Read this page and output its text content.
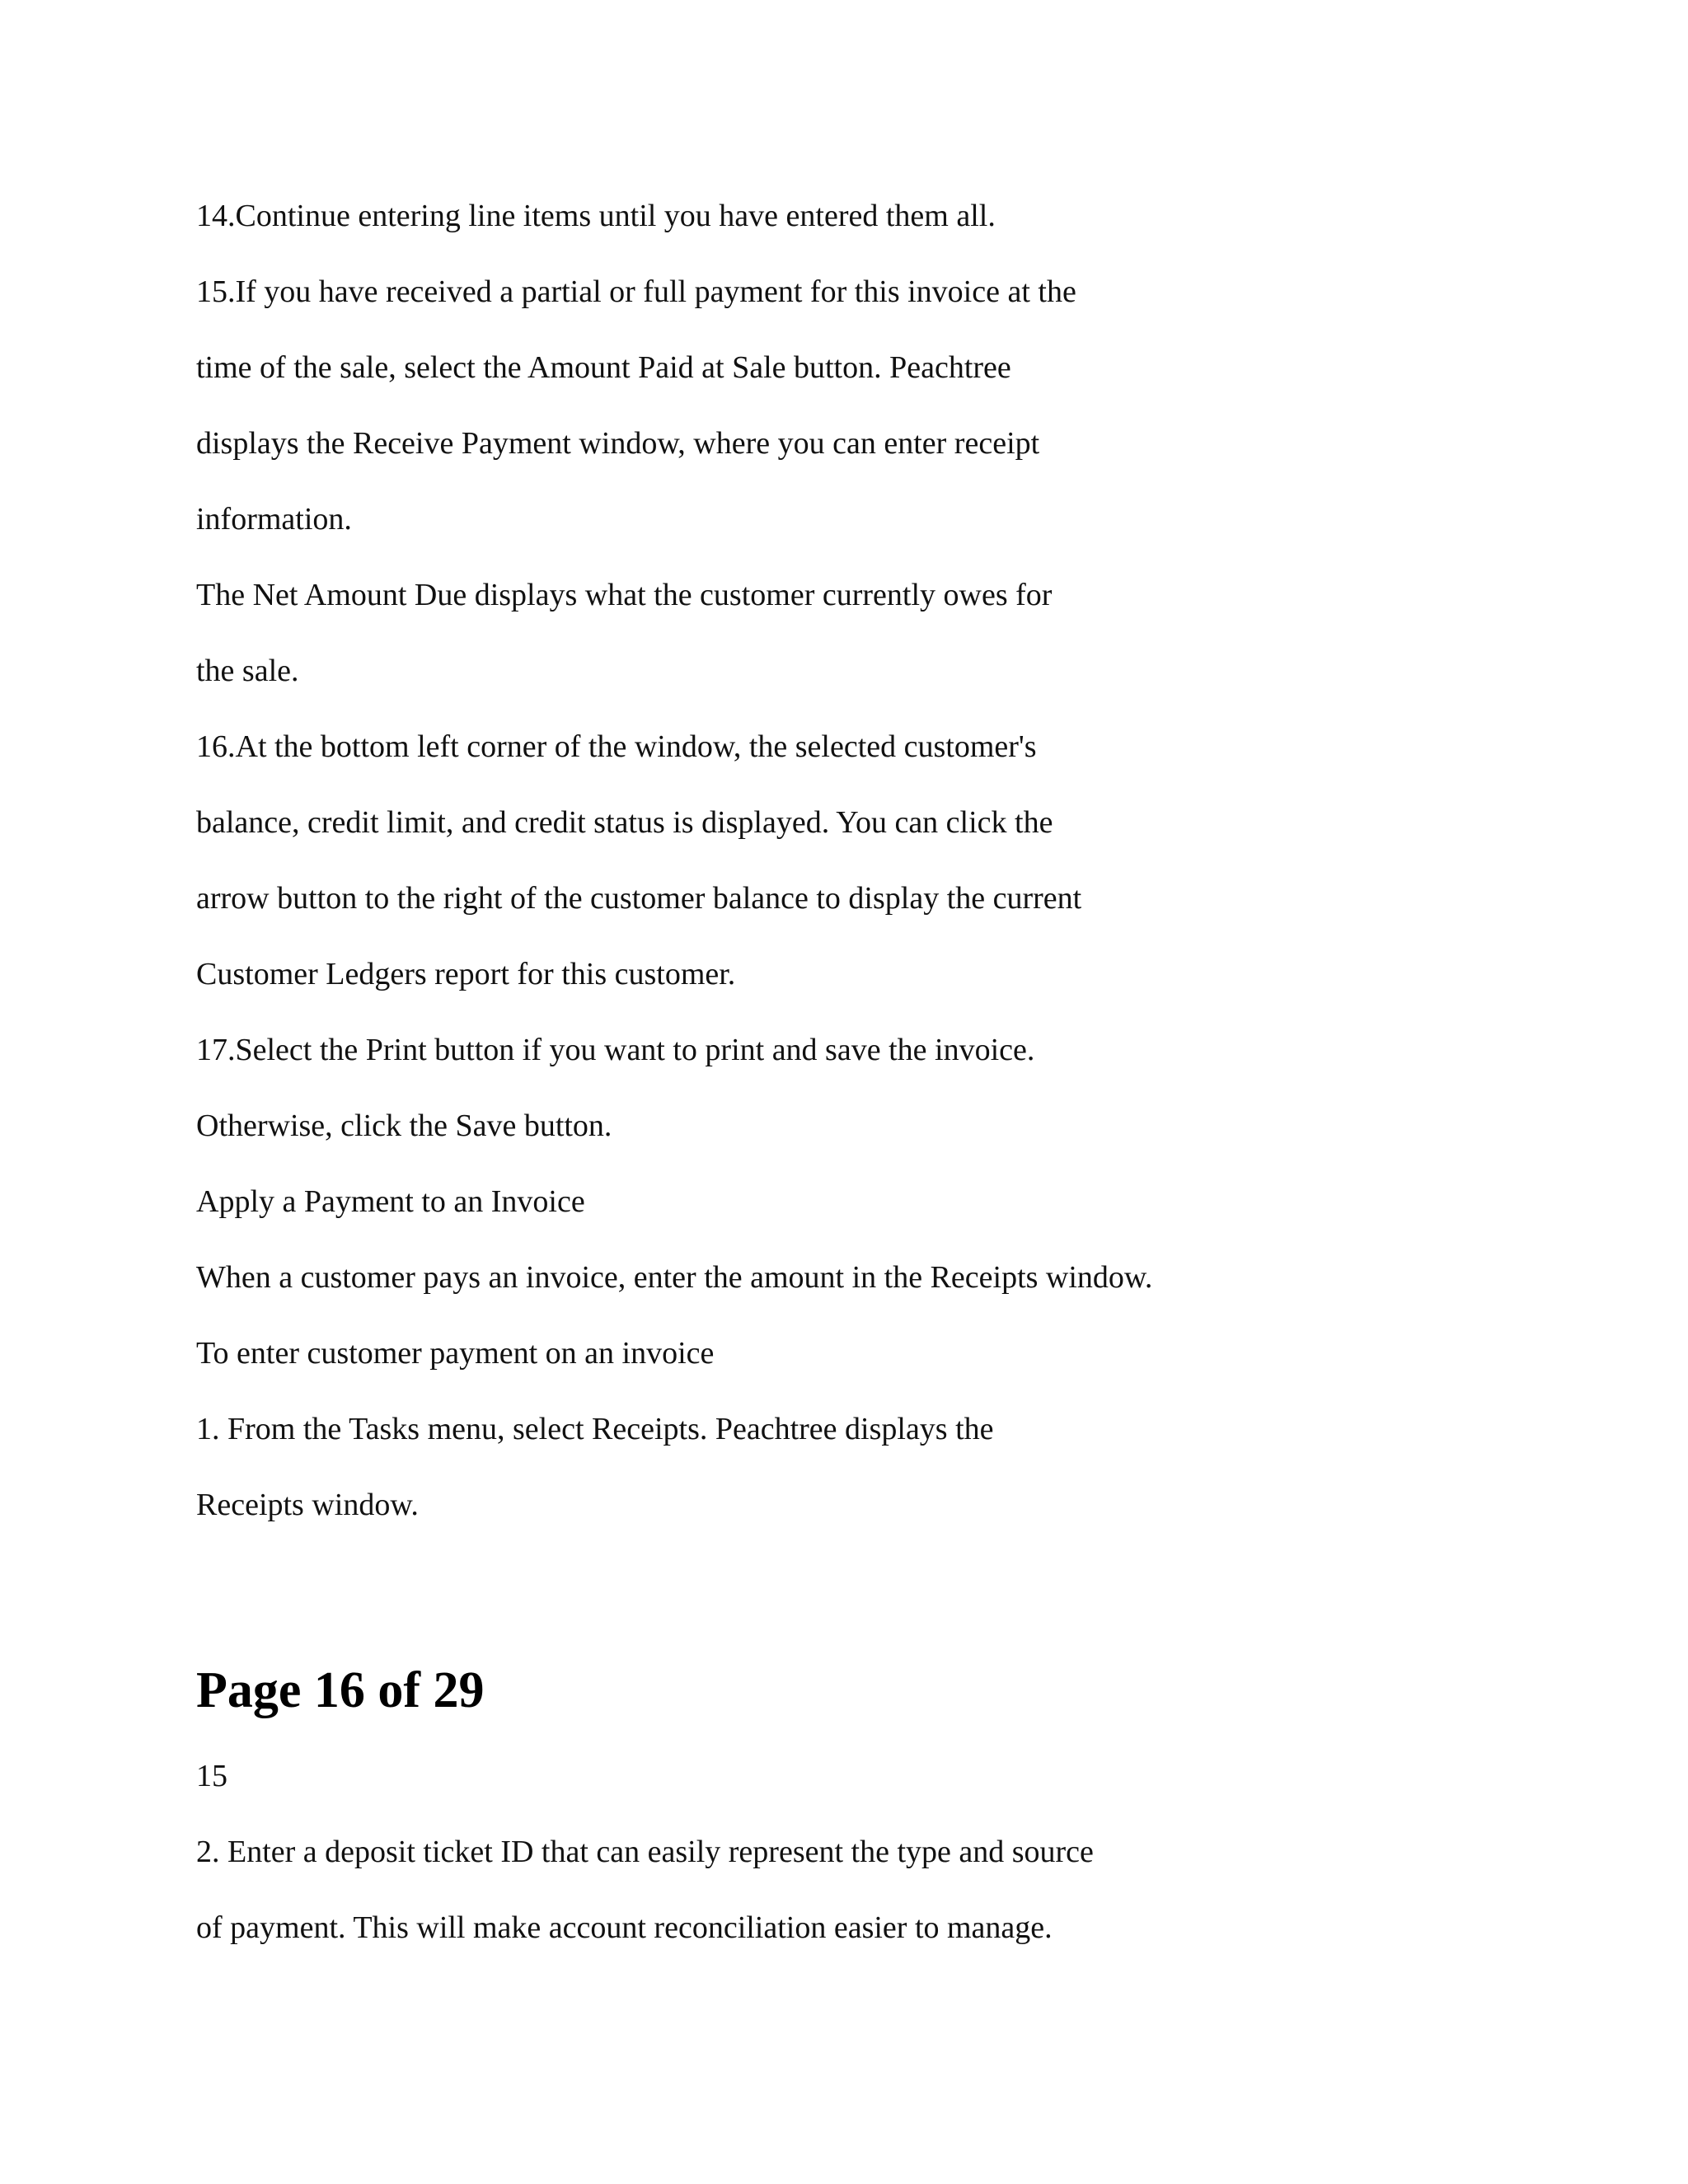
14.Continue entering line items until you have entered them all.

15.If you have received a partial or full payment for this invoice at the

time of the sale, select the Amount Paid at Sale button. Peachtree

displays the Receive Payment window, where you can enter receipt

information.

The Net Amount Due displays what the customer currently owes for

the sale.

16.At the bottom left corner of the window, the selected customer's

balance, credit limit, and credit status is displayed. You can click the

arrow button to the right of the customer balance to display the current

Customer Ledgers report for this customer.

17.Select the Print button if you want to print and save the invoice.

Otherwise, click the Save button.

Apply a Payment to an Invoice

When a customer pays an invoice, enter the amount in the Receipts window.

To enter customer payment on an invoice

1. From the Tasks menu, select Receipts. Peachtree displays the

Receipts window.

Page 16 of 29

15

2. Enter a deposit ticket ID that can easily represent the type and source

of payment. This will make account reconciliation easier to manage.
